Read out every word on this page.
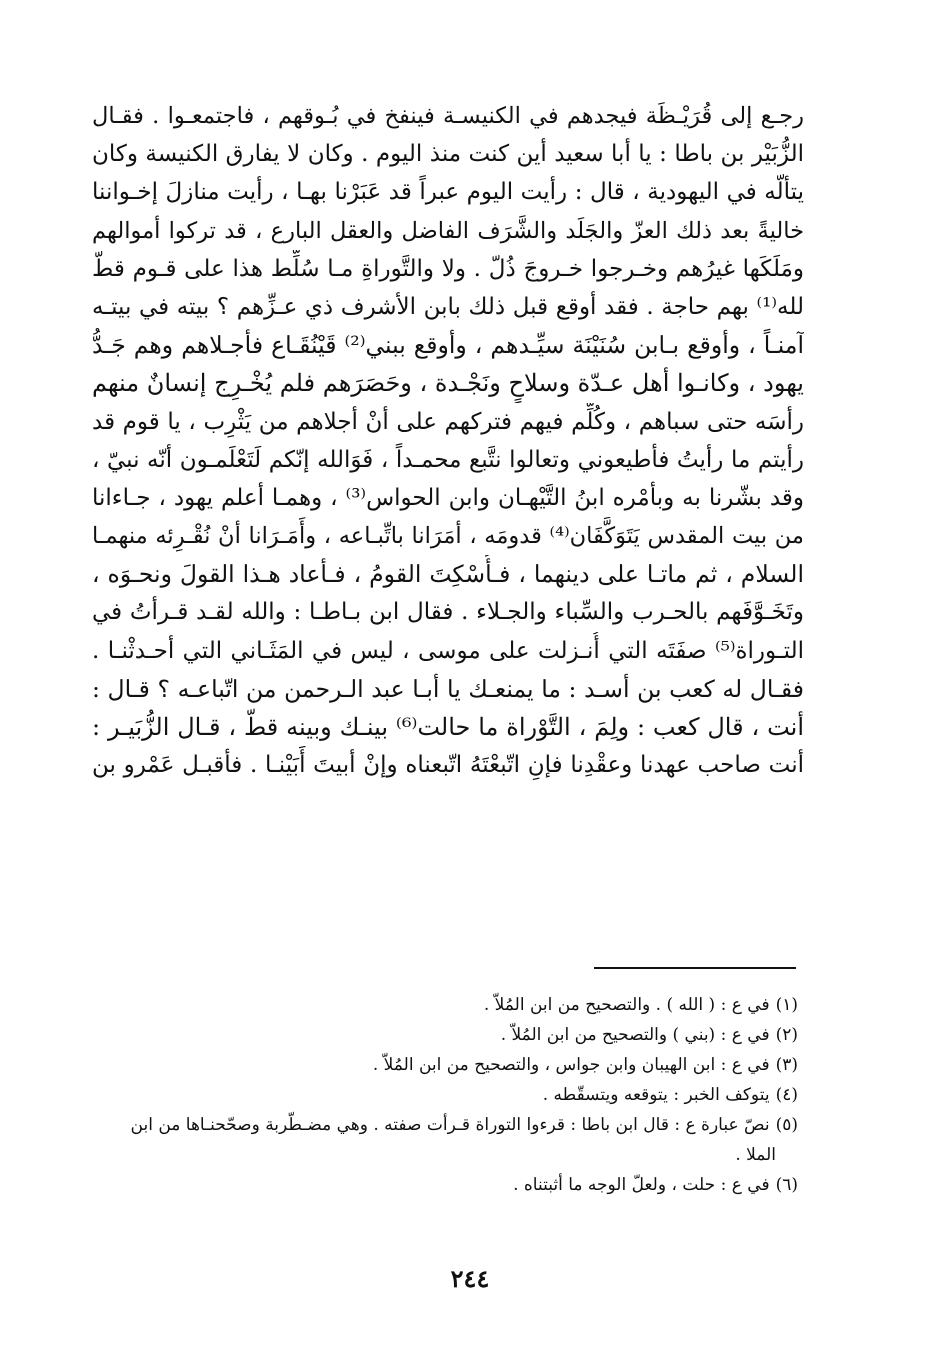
رجـع إلى قُرَيْـظَة فيجدهم في الكنيسـة فينفخ في بُـوقهم ، فاجتمعـوا . فقـال
الزُّبَيْر بن باطا : يا أبا سعيد أين كنت منذ اليوم . وكان لا يفارق الكنيسة وكان
يتألّه في اليهودية ، قال : رأيت اليوم عبراً قد عَبَرْنا بهـا ، رأيت منازلَ إخـواننا
خاليةً بعد ذلك العزّ والجَلَد والشَّرَف الفاضل والعقل البارع ، قد تركوا أموالهم
ومَلَكَها غيرُهم وخـرجوا خـروجَ ذُلّ . ولا والتَّوراةِ مـا سُلِّط هذا على قـوم قطّ
لله⁽¹⁾ بهم حاجة . فقد أوقع قبل ذلك بابن الأشرف ذي عـزِّهم ؟ بيته في بيتـه
آمنـاً ، وأوقع بـابن سُنَيْنَة سيِّـدهم ، وأوقع ببني⁽²⁾ قَيْنُقَـاع فأجـلاهم وهم جَـدُّ
يهود ، وكانـوا أهل عـدّة وسلاحٍ ونَجْـدة ، وحَصَرَهم فلم يُخْـرِج إنسانٌ منهم
رأسَه حتى سباهم ، وكُلِّم فيهم فتركهم على أنْ أجلاهم من يَثْرِب ، يا قوم قد
رأيتم ما رأيتُ فأطيعوني وتعالوا نتَّبع محمـداً ، فَوَالله إنّكم لَتَعْلَمـون أنّه نبيّ ،
وقد بشّرنا به وبأمْره ابنُ التَّيْهـان وابن الحواس⁽³⁾ ، وهمـا أعلم يهود ، جـاءانا
من بيت المقدس يَتَوَكَّفَان⁽⁴⁾ قدومَه ، أمَرَانا باتِّبـاعه ، وأَمَـرَانا أنْ نُقْـرِئه منهمـا
السلام ، ثم ماتـا على دينهما ، فـأُسْكِتَ القومُ ، فـأعاد هـذا القولَ ونحـوَه ،
وتَخَـوَّفَهم بالحـرب والسِّباء والجـلاء . فقال ابن بـاطـا : والله لقـد قـرأتُ في
التـوراة⁽⁵⁾ صفَتَه التي أُنـزلت على موسى ، ليس في المَثَـاني التي أحـدثْنـا .
فقـال له كعب بن أسـد : ما يمنعـك يا أبـا عبد الـرحمن من اتّباعـه ؟ قـال :
أنت ، قال كعب : ولِمَ ، التَّوْراة ما حالت⁽⁶⁾ بينـك وبينه قطّ ، قـال الزُّبَيـر :
أنت صاحب عهدنا وعقْدِنا فإنِ اتّبعْتَهُ اتّبعناه وإنْ أبيتَ أَبَيْنـا . فأقبـل عَمْرو بن
(١)في ع : ( الله ) . والتصحيح من ابن المُلاّ .
(٢)في ع : (بني ) والتصحيح من ابن المُلاّ .
(٣)في ع : ابن الهيبان وابن جواس ، والتصحيح من ابن المُلاّ .
(٤)يتوكف الخبر : يتوقعه ويتسقّطه .
(٥)نصّ عبارة ع : قال ابن باطا : قرءوا التوراة قـرأت صفته . وهي مضـطّربة وصحّحنـاها من ابن
الملا .
(٦)في ع : حلت ، ولعلّ الوجه ما أثبتناه .
٢٤٤
